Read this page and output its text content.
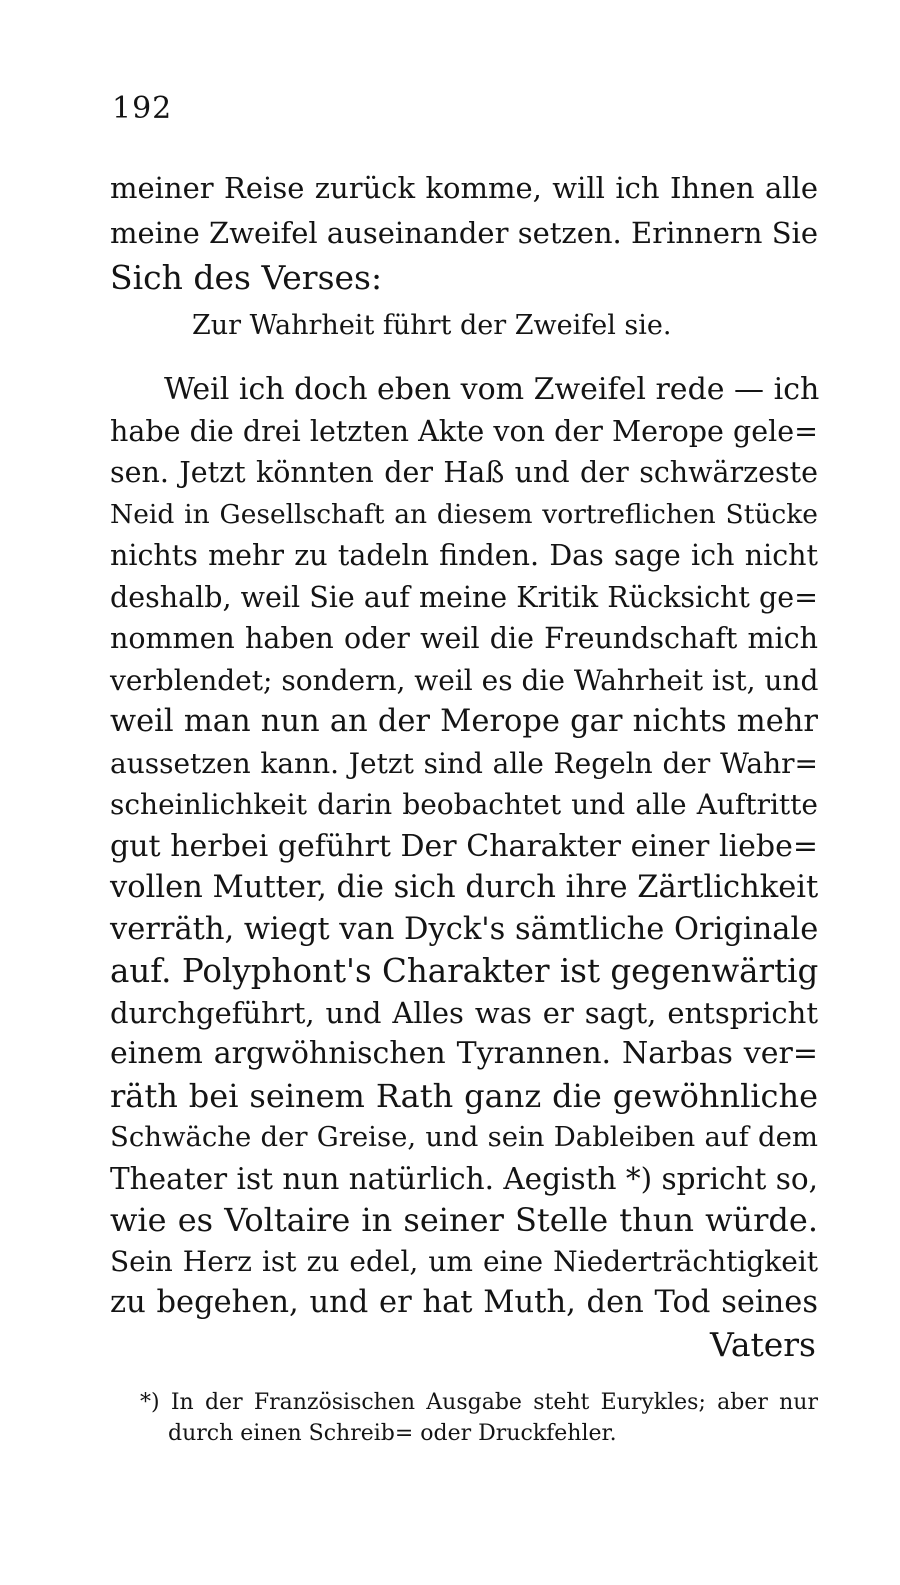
192
meiner Reise zurück komme, will ich Ihnen alle
meine Zweifel auseinander setzen. Erinnern Sie
Sich des Verses:
Zur Wahrheit führt der Zweifel sie.
Weil ich doch eben vom Zweifel rede — ich
habe die drei letzten Akte von der Merope gele=
sen. Jetzt könnten der Haß und der schwärzeste
Neid in Gesellschaft an diesem vortreflichen Stücke
nichts mehr zu tadeln finden. Das sage ich nicht
deshalb, weil Sie auf meine Kritik Rücksicht ge=
nommen haben oder weil die Freundschaft mich
verblendet; sondern, weil es die Wahrheit ist, und
weil man nun an der Merope gar nichts mehr
aussetzen kann. Jetzt sind alle Regeln der Wahr=
scheinlichkeit darin beobachtet und alle Auftritte
gut herbei geführt Der Charakter einer liebe=
vollen Mutter, die sich durch ihre Zärtlichkeit
verräth, wiegt van Dyck's sämtliche Originale
auf. Polyphont's Charakter ist gegenwärtig
durchgeführt, und Alles was er sagt, entspricht
einem argwöhnischen Tyrannen. Narbas ver=
räth bei seinem Rath ganz die gewöhnliche
Schwäche der Greise, und sein Dableiben auf dem
Theater ist nun natürlich. Aegisth *) spricht so,
wie es Voltaire in seiner Stelle thun würde.
Sein Herz ist zu edel, um eine Niederträchtigkeit
*) In der Französischen Ausgabe steht Eurykles; aber nur
durch einen Schreib= oder Druckfehler.
zu begehen, und er hat Muth, den Tod seines
Vaters
